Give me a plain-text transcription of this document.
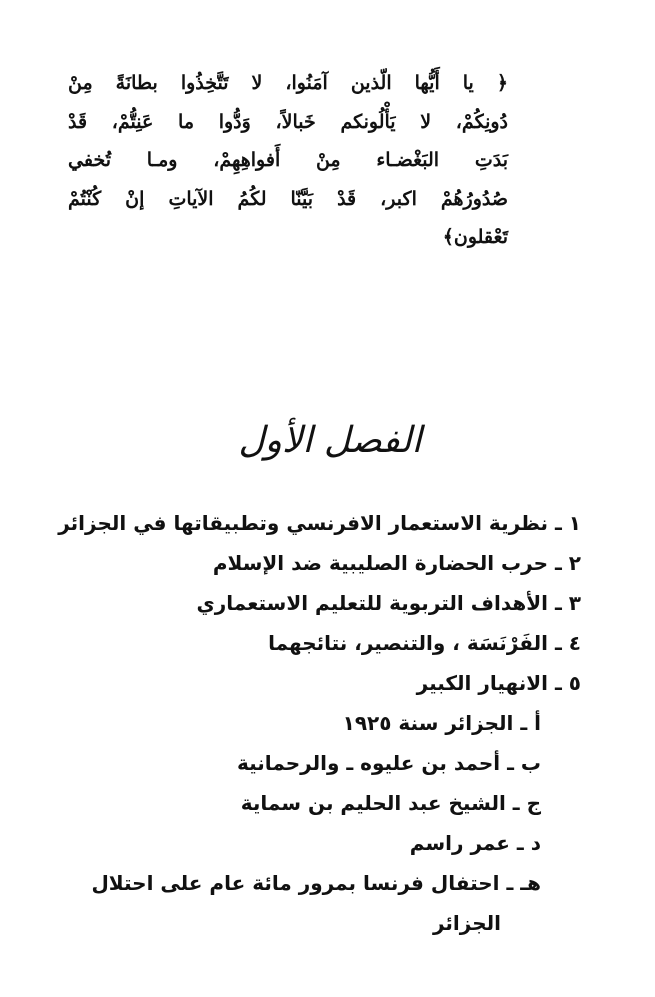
﴿ يا أَيُّها الّذين آمَنُوا، لا تَتَّخِذُوا بطانَةً مِنْ
دُونِكُمْ، لا يَأْلُونكم خَبالاً، وَدُّوا ما عَنِتُّمْ، قَدْ
بَدَتِ البَغْضـاء مِنْ أَفواهِهِمْ، ومـا تُخفي
صُدُورُهُمْ اكبر، قَدْ بَيَّنّا لكُمُ الآياتِ إنْ كُنْتُمْ
تَعْقلون﴾
الفصل الأول
١ ـ نظرية الاستعمار الافرنسي وتطبيقاتها في الجزائر
٢ ـ حرب الحضارة الصليبية ضد الإسلام
٣ ـ الأهداف التربوية للتعليم الاستعماري
٤ ـ الفَرْنَسَة ، والتنصير، نتائجهما
٥ ـ الانهيار الكبير
أ ـ الجزائر سنة ١٩٢٥
ب ـ أحمد بن عليوه ـ والرحمانية
ج ـ الشيخ عبد الحليم بن سماية
د ـ عمر راسم
هـ ـ احتفال فرنسا بمرور مائة عام على احتلال
الجزائر
